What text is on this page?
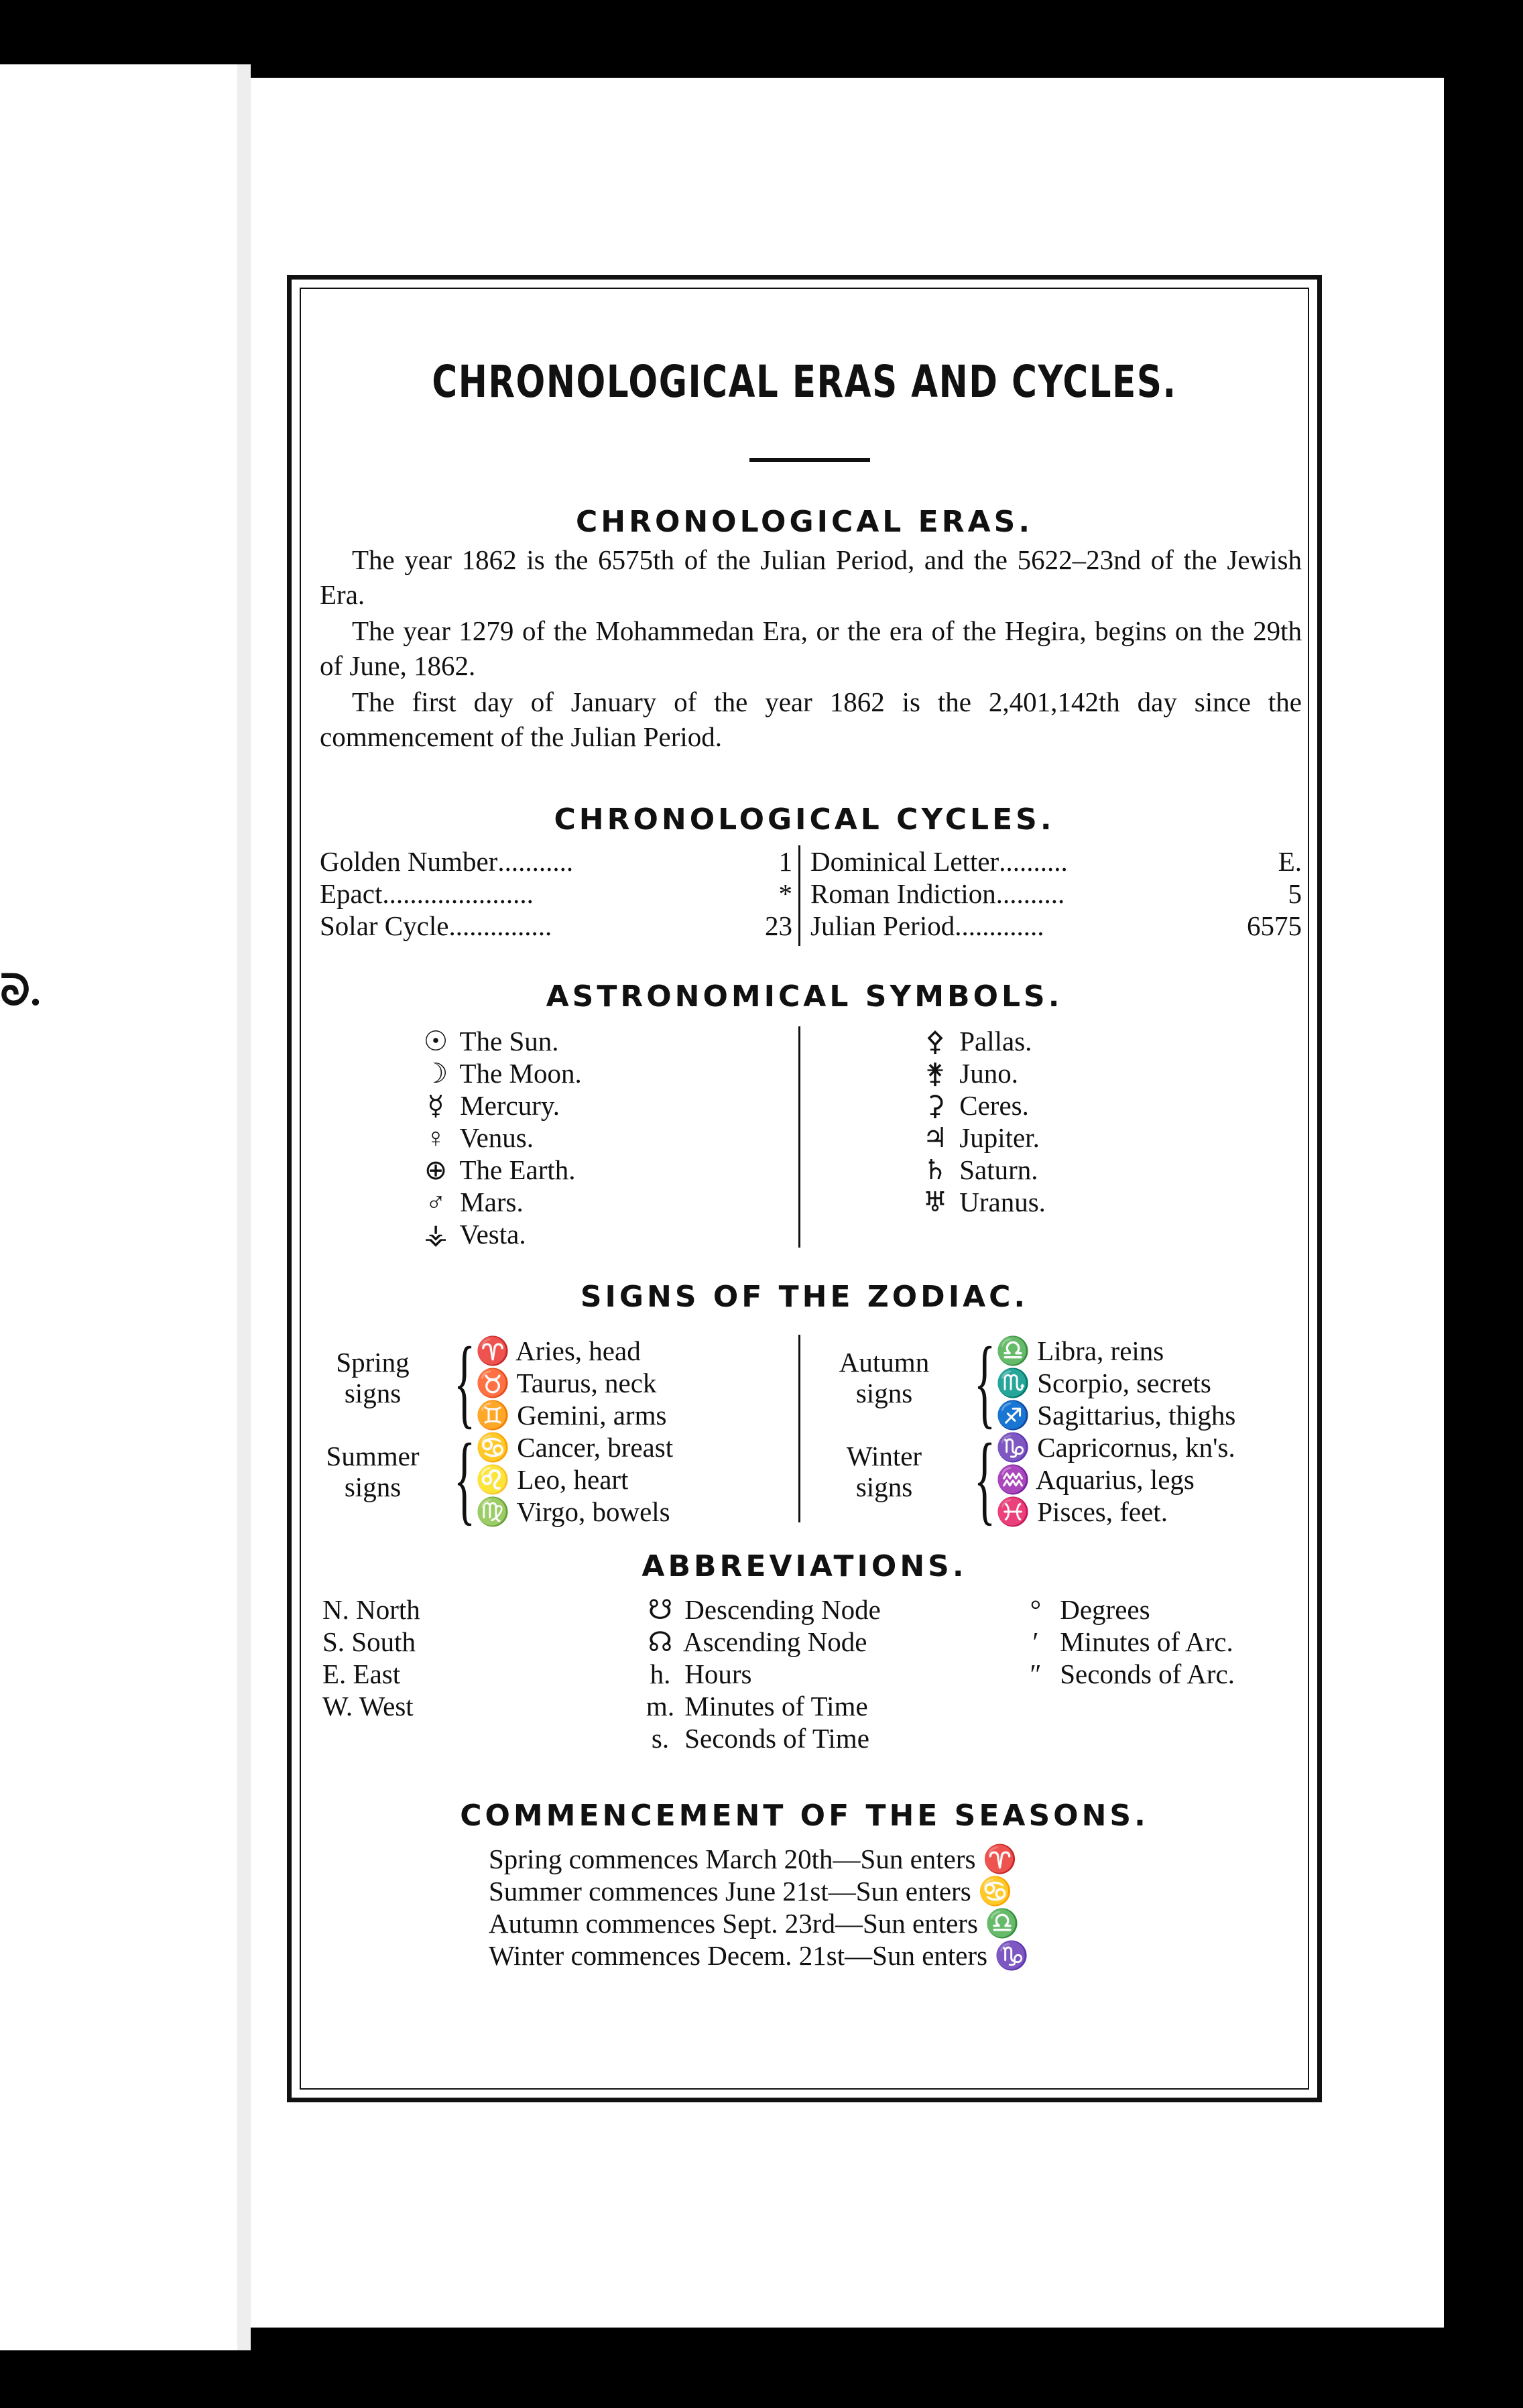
ᘐ.
CHRONOLOGICAL ERAS AND CYCLES.
CHRONOLOGICAL ERAS.
The year 1862 is the 6575th of the Julian Period, and the 5622–23nd of the Jewish Era.
The year 1279 of the Mohammedan Era, or the era of the Hegira, begins on the 29th of June, 1862.
The first day of January of the year 1862 is the 2,401,142th day since the commencement of the Julian Period.
CHRONOLOGICAL CYCLES.
Golden Number ...........	1
Epact ......................	*
Solar Cycle ...............	23
Dominical Letter ..........	E.
Roman Indiction ..........	5
Julian Period .............	6575
ASTRONOMICAL SYMBOLS.
☉ The Sun.
☽ The Moon.
☿ Mercury.
♀ Venus.
⊕ The Earth.
♂ Mars.
⚶ Vesta.
⚴ Pallas.
⚵ Juno.
⚳ Ceres.
♃ Jupiter.
♄ Saturn.
♅ Uranus.
SIGNS OF THE ZODIAC.
Spring
signs { ♈ Aries, head
♉ Taurus, neck
♊ Gemini, arms
Summer
signs { ♋ Cancer, breast
♌ Leo, heart
♍ Virgo, bowels
Autumn
signs { ♎ Libra, reins
♏ Scorpio, secrets
♐ Sagittarius, thighs
Winter
signs { ♑ Capricornus, kn's.
♒ Aquarius, legs
♓ Pisces, feet.
ABBREVIATIONS.
N. North
S. South
E. East
W. West
☋ Descending Node
☊ Ascending Node
h. Hours
m. Minutes of Time
s. Seconds of Time
° Degrees
′ Minutes of Arc.
″ Seconds of Arc.
COMMENCEMENT OF THE SEASONS.
Spring commences March 20th—Sun enters ♈
Summer commences June 21st—Sun enters ♋
Autumn commences Sept. 23rd—Sun enters ♎
Winter commences Decem. 21st—Sun enters ♑
